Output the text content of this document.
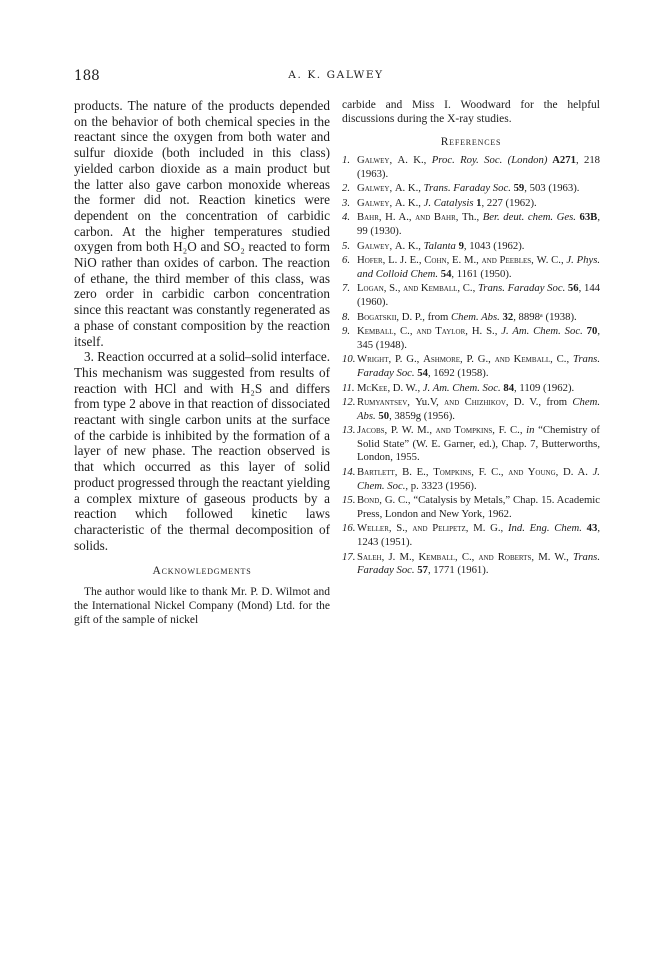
188	A. K. GALWEY

products. The nature of the products depended on the behavior of both chemical species in the reactant since the oxygen from both water and sulfur dioxide (both included in this class) yielded carbon dioxide as a main product but the latter also gave carbon monoxide whereas the former did not. Reaction kinetics were dependent on the concentration of carbidic carbon. At the higher temperatures studied oxygen from both H₂O and SO₂ reacted to form NiO rather than oxides of carbon. The reaction of ethane, the third member of this class, was zero order in carbidic carbon concentration since this reactant was constantly regenerated as a phase of constant composition by the reaction itself.

3. Reaction occurred at a solid–solid interface. This mechanism was suggested from results of reaction with HCl and with H₂S and differs from type 2 above in that reaction of dissociated reactant with single carbon units at the surface of the carbide is inhibited by the formation of a layer of new phase. The reaction observed is that which occurred as this layer of solid product progressed through the reactant yielding a complex mixture of gaseous products by a reaction which followed kinetic laws characteristic of the thermal decomposition of solids.

Acknowledgments

The author would like to thank Mr. P. D. Wilmot and the International Nickel Company (Mond) Ltd. for the gift of the sample of nickel

carbide and Miss I. Woodward for the helpful discussions during the X-ray studies.

References
1. Galwey, A. K., Proc. Roy. Soc. (London) A271, 218 (1963).
2. Galwey, A. K., Trans. Faraday Soc. 59, 503 (1963).
3. Galwey, A. K., J. Catalysis 1, 227 (1962).
4. Bahr, H. A., and Bahr, Th., Ber. deut. chem. Ges. 63B, 99 (1930).
5. Galwey, A. K., Talanta 9, 1043 (1962).
6. Hofer, L. J. E., Cohn, E. M., and Peebles, W. C., J. Phys. and Colloid Chem. 54, 1161 (1950).
7. Logan, S., and Kemball, C., Trans. Faraday Soc. 56, 144 (1960).
8. Bogatskii, D. P., from Chem. Abs. 32, 8898ᵃ (1938).
9. Kemball, C., and Taylor, H. S., J. Am. Chem. Soc. 70, 345 (1948).
10. Wright, P. G., Ashmore, P. G., and Kemball, C., Trans. Faraday Soc. 54, 1692 (1958).
11. McKee, D. W., J. Am. Chem. Soc. 84, 1109 (1962).
12. Rumyantsev, Yu.V, and Chizhikov, D. V., from Chem. Abs. 50, 3859g (1956).
13. Jacobs, P. W. M., and Tompkins, F. C., in “Chemistry of Solid State” (W. E. Garner, ed.), Chap. 7, Butterworths, London, 1955.
14. Bartlett, B. E., Tompkins, F. C., and Young, D. A. J. Chem. Soc., p. 3323 (1956).
15. Bond, G. C., “Catalysis by Metals,” Chap. 15. Academic Press, London and New York, 1962.
16. Weller, S., and Pelipetz, M. G., Ind. Eng. Chem. 43, 1243 (1951).
17. Saleh, J. M., Kemball, C., and Roberts, M. W., Trans. Faraday Soc. 57, 1771 (1961).
